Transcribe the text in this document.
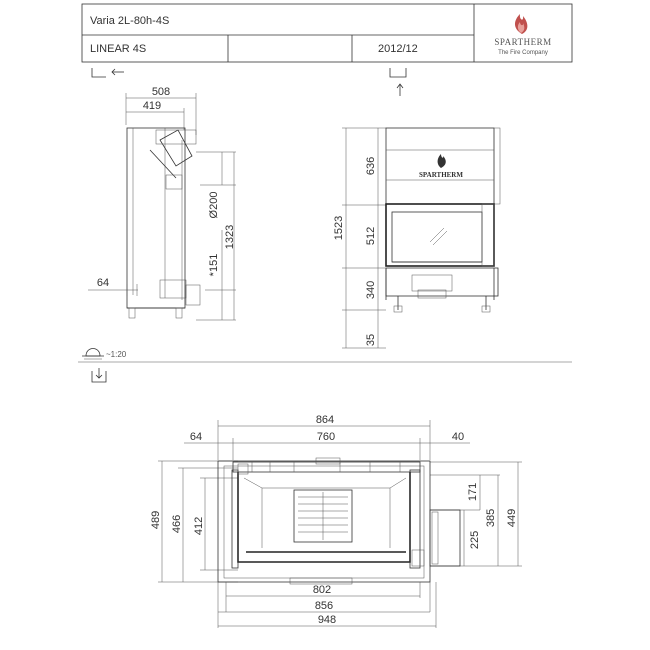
Varia 2L-80h-4S
LINEAR 4S	2012/12
SPARTHERM
The Fire Company
508
419
Ø200
1323
*151
64
1523
636
512
340
35
SPARTHERM
~1:20
864
64	760	40
489 466 412
171
385 449
225
802
856
948
